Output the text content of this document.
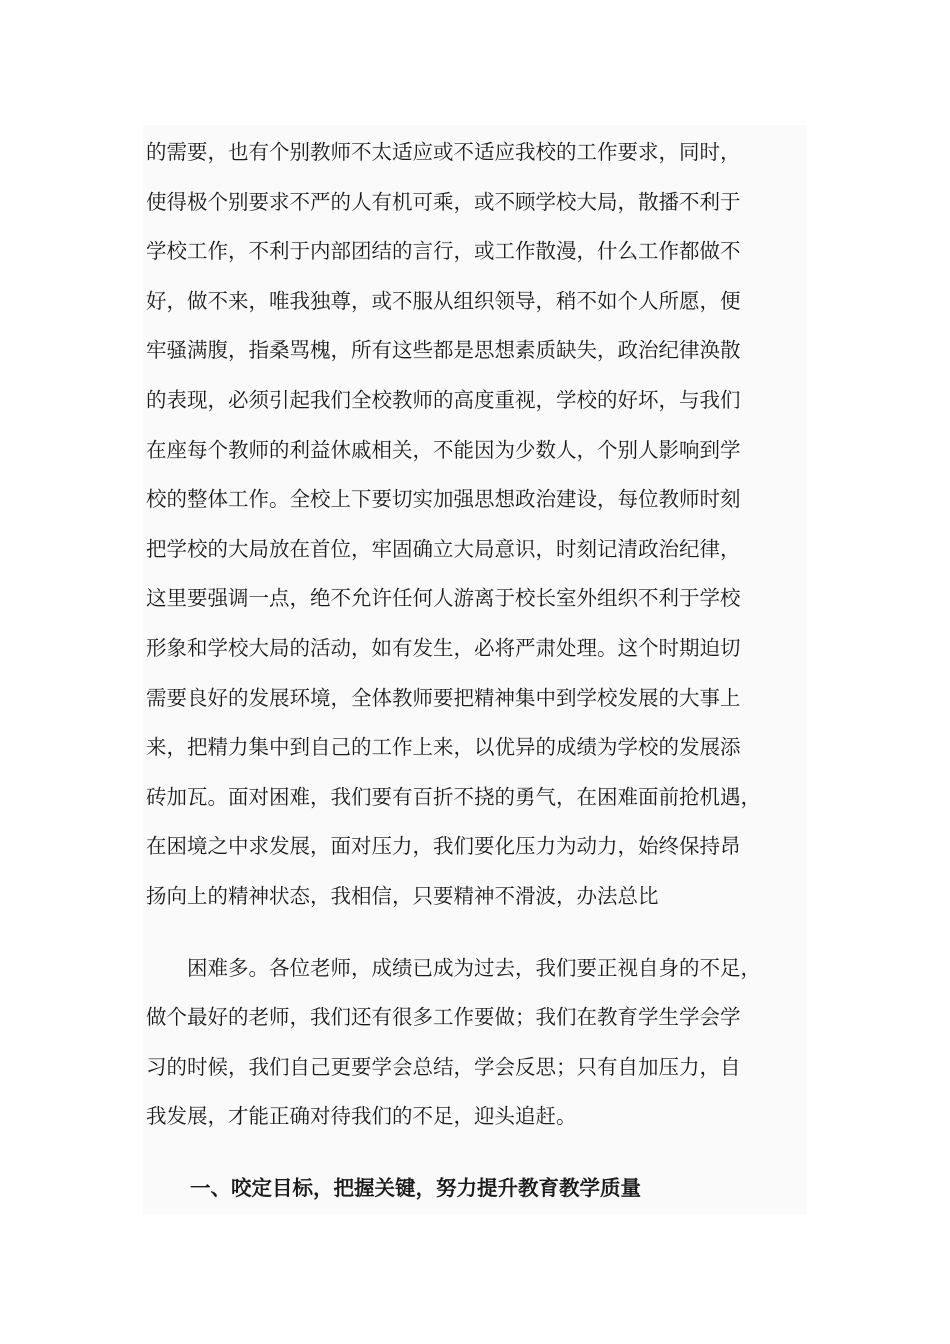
的需要，也有个别教师不太适应或不适应我校的工作要求，同时，
使得极个别要求不严的人有机可乘，或不顾学校大局，散播不利于
学校工作，不利于内部团结的言行，或工作散漫，什么工作都做不
好，做不来，唯我独尊，或不服从组织领导，稍不如个人所愿，便
牢骚满腹，指桑骂槐，所有这些都是思想素质缺失，政治纪律涣散
的表现，必须引起我们全校教师的高度重视，学校的好坏，与我们
在座每个教师的利益休戚相关，不能因为少数人，个别人影响到学
校的整体工作。全校上下要切实加强思想政治建设，每位教师时刻
把学校的大局放在首位，牢固确立大局意识，时刻记清政治纪律，
这里要强调一点，绝不允许任何人游离于校长室外组织不利于学校
形象和学校大局的活动，如有发生，必将严肃处理。这个时期迫切
需要良好的发展环境，全体教师要把精神集中到学校发展的大事上
来，把精力集中到自己的工作上来，以优异的成绩为学校的发展添
砖加瓦。面对困难，我们要有百折不挠的勇气，在困难面前抢机遇，
在困境之中求发展，面对压力，我们要化压力为动力，始终保持昂
扬向上的精神状态，我相信，只要精神不滑波，办法总比
困难多。各位老师，成绩已成为过去，我们要正视自身的不足，
做个最好的老师，我们还有很多工作要做；我们在教育学生学会学
习的时候，我们自己更要学会总结，学会反思；只有自加压力，自
我发展，才能正确对待我们的不足，迎头追赶。
一、咬定目标，把握关键，努力提升教育教学质量
